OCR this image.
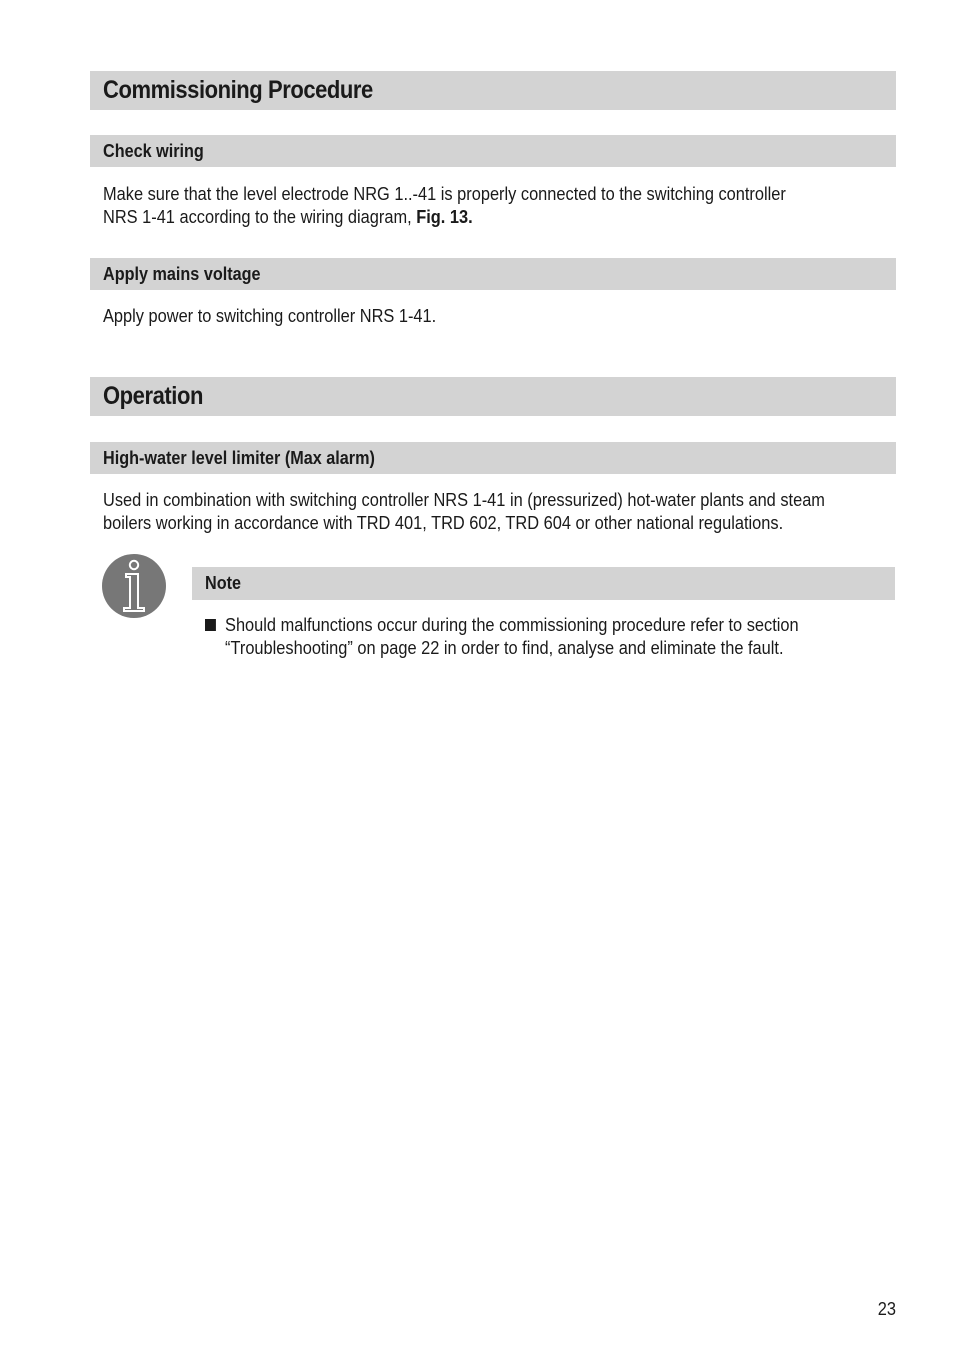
Commissioning Procedure
Check wiring
Make sure that the level electrode NRG 1..-41 is properly connected to the switching controller
NRS 1-41 according to the wiring diagram, Fig. 13.
Apply mains voltage
Apply power to switching controller NRS 1-41.
Operation
High-water level limiter (Max alarm)
Used in combination with switching controller NRS 1-41 in (pressurized) hot-water plants and steam
boilers working in accordance with TRD 401, TRD 602, TRD 604 or other national regulations.
Note
Should malfunctions occur during the commissioning procedure refer to section
“Troubleshooting” on page 22 in order to find, analyse and eliminate the fault.
23
